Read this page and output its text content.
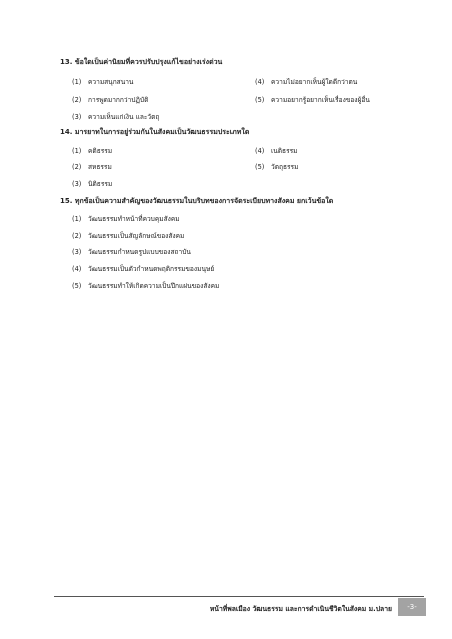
13. ข้อใดเป็นค่านิยมที่ควรปรับปรุงแก้ไขอย่างเร่งด่วน
(1) ความสนุกสนาน	(4) ความไม่อยากเห็นผู้ใดดีกว่าตน
(2) การพูดมากกว่าปฏิบัติ	(5) ความอยากรู้อยากเห็นเรื่องของผู้อื่น
(3) ความเห็นแก่เงิน และวัตถุ
14. มารยาทในการอยู่ร่วมกันในสังคมเป็นวัฒนธรรมประเภทใด
(1) คติธรรม	(4) เนติธรรม
(2) สหธรรม	(5) วัตถุธรรม
(3) นิติธรรม
15. ทุกข้อเป็นความสำคัญของวัฒนธรรมในบริบทของการจัดระเบียบทางสังคม ยกเว้นข้อใด
(1) วัฒนธรรมทำหน้าที่ควบคุมสังคม
(2) วัฒนธรรมเป็นสัญลักษณ์ของสังคม
(3) วัฒนธรรมกำหนดรูปแบบของสถาบัน
(4) วัฒนธรรมเป็นตัวกำหนดพฤติกรรมของมนุษย์
(5) วัฒนธรรมทำให้เกิดความเป็นปึกแผ่นของสังคม
หน้าที่พลเมือง วัฒนธรรม และการดำเนินชีวิตในสังคม ม.ปลาย -3-
